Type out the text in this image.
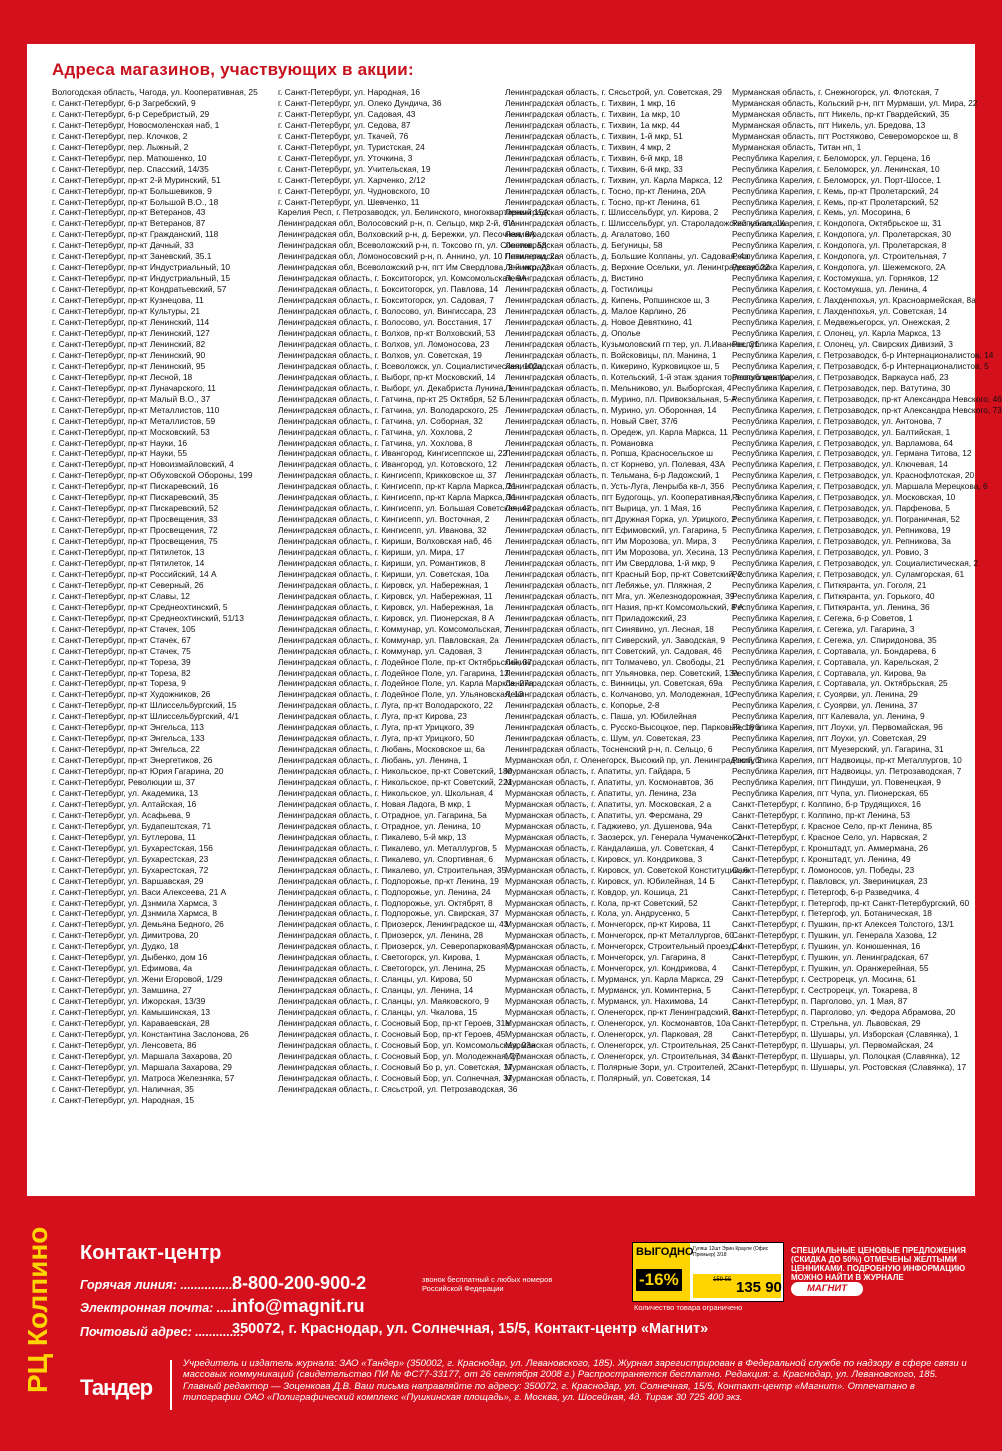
Адреса магазинов, участвующих в акции:
Вологодская область, Чагода, ул. Кооперативная, 25
г. Санкт-Петербург, 6-р Загребский, 9
г. Санкт-Петербург, 6-р Серебристый, 29
г. Санкт-Петербург, Новосмоленская наб, 1
г. Санкт-Петербург, пер. Клочков, 2
г. Санкт-Петербург, пер. Лыжный, 2
г. Санкт-Петербург, пер. Матюшенко, 10
г. Санкт-Петербург, пер. Спасский, 14/35
г. Санкт-Петербург, пр-кт 2-й Муринский, 51
г. Санкт-Петербург, пр-кт Большевиков, 9
г. Санкт-Петербург, пр-кт Большой В.О., 18
г. Санкт-Петербург, пр-кт Ветеранов, 43
г. Санкт-Петербург, пр-кт Ветеранов, 87
г. Санкт-Петербург, пр-кт Гражданский, 118
г. Санкт-Петербург, пр-кт Дачный, 33
г. Санкт-Петербург, пр-кт Заневский, 35.1
г. Санкт-Петербург, пр-кт Индустриальный, 10
г. Санкт-Петербург, пр-кт Индустриальный, 15
г. Санкт-Петербург, пр-кт Кондратьевский, 57
г. Санкт-Петербург, пр-кт Кузнецова, 11
г. Санкт-Петербург, пр-кт Культуры, 21
г. Санкт-Петербург, пр-кт Ленинский, 114
г. Санкт-Петербург, пр-кт Ленинский, 127
г. Санкт-Петербург, пр-кт Ленинский, 82
г. Санкт-Петербург, пр-кт Ленинский, 90
г. Санкт-Петербург, пр-кт Ленинский, 95
г. Санкт-Петербург, пр-кт Лесной, 18
г. Санкт-Петербург, пр-кт Луначарского, 11
г. Санкт-Петербург, пр-кт Малый В.О., 37
г. Санкт-Петербург, пр-кт Металлистов, 110
г. Санкт-Петербург, пр-кт Металлистов, 59
г. Санкт-Петербург, пр-кт Московский, 53
г. Санкт-Петербург, пр-кт Науки, 16
г. Санкт-Петербург, пр-кт Науки, 55
г. Санкт-Петербург, пр-кт Новоизмайловский, 4
г. Санкт-Петербург, пр-кт Обуховской Обороны, 199
г. Санкт-Петербург, пр-кт Пискаревский, 16
г. Санкт-Петербург, пр-кт Пискаревский, 35
г. Санкт-Петербург, пр-кт Пискаревский, 52
г. Санкт-Петербург, пр-кт Просвещения, 33
г. Санкт-Петербург, пр-кт Просвещения, 72
г. Санкт-Петербург, пр-кт Просвещения, 75
г. Санкт-Петербург, пр-кт Пятилеток, 13
г. Санкт-Петербург, пр-кт Пятилеток, 14
г. Санкт-Петербург, пр-кт Российский, 14 А
г. Санкт-Петербург, пр-кт Северный, 26
г. Санкт-Петербург, пр-кт Славы, 12
г. Санкт-Петербург, пр-кт Среднеохтинский, 5
г. Санкт-Петербург, пр-кт Среднеохтинский, 51/13
г. Санкт-Петербург, пр-кт Стачек, 105
г. Санкт-Петербург, пр-кт Стачек, 67
г. Санкт-Петербург, пр-кт Стачек, 75
г. Санкт-Петербург, пр-кт Тореза, 39
г. Санкт-Петербург, пр-кт Тореза, 82
г. Санкт-Петербург, пр-кт Тореза, 9
г. Санкт-Петербург, пр-кт Художников, 26
г. Санкт-Петербург, пр-кт Шлиссельбургский, 15
г. Санкт-Петербург, пр-кт Шлиссельбургский, 4/1
г. Санкт-Петербург, пр-кт Энгельса, 113
г. Санкт-Петербург, пр-кт Энгельса, 133
г. Санкт-Петербург, пр-кт Энгельса, 22
г. Санкт-Петербург, пр-кт Энергетиков, 26
г. Санкт-Петербург, пр-кт Юрия Гагарина, 20
г. Санкт-Петербург, Революции ш, 37
г. Санкт-Петербург, ул. Академика, 13
г. Санкт-Петербург, ул. Алтайская, 16
г. Санкт-Петербург, ул. Асафьева, 9
г. Санкт-Петербург, ул. Будапештская, 71
г. Санкт-Петербург, ул. Бутлерова, 11
г. Санкт-Петербург, ул. Бухарестская, 156
г. Санкт-Петербург, ул. Бухарестская, 23
г. Санкт-Петербург, ул. Бухарестская, 72
г. Санкт-Петербург, ул. Варшавская, 29
г. Санкт-Петербург, ул. Васи Алексеева, 21 А
г. Санкт-Петербург, ул. Дзнмила Хармса, 3
г. Санкт-Петербург, ул. Дзнмила Хармса, 8
г. Санкт-Петербург, ул. Демьяна Бедного, 26
г. Санкт-Петербург, ул. Димитрова, 20
г. Санкт-Петербург, ул. Дудко, 18
г. Санкт-Петербург, ул. Дыбенко, дом 16
г. Санкт-Петербург, ул. Ефимова, 4а
г. Санкт-Петербург, ул. Жени Егоровой, 1/29
г. Санкт-Петербург, ул. Замшина, 27
г. Санкт-Петербург, ул. Ижорская, 13/39
г. Санкт-Петербург, ул. Камышинская, 13
г. Санкт-Петербург, ул. Караваевская, 28
г. Санкт-Петербург, ул. Константина Заслонова, 26
г. Санкт-Петербург, ул. Ленсовета, 86
г. Санкт-Петербург, ул. Маршала Захарова, 20
г. Санкт-Петербург, ул. Маршала Захарова, 29
г. Санкт-Петербург, ул. Матроса Железняка, 57
г. Санкт-Петербург, ул. Наличная, 35
г. Санкт-Петербург, ул. Народная, 15
г. Санкт-Петербург, ул. Народная, 16
г. Санкт-Петербург, ул. Олеко Дундича, 36
г. Санкт-Петербург, ул. Садовая, 43
г. Санкт-Петербург, ул. Седова, 87
г. Санкт-Петербург, ул. Ткачей, 76
г. Санкт-Петербург, ул. Туристская, 24
г. Санкт-Петербург, ул. Уточкина, 3
г. Санкт-Петербург, ул. Учительская, 19
г. Санкт-Петербург, ул. Харченко, 2/12
г. Санкт-Петербург, ул. Чудновского, 10
г. Санкт-Петербург, ул. Шевченко, 11
Карелия Респ, г. Петрозаводск, ул. Белинского, многоквартирный 15А
Ленинградская обл, Волосовский р-н, п. Сельцо, мкр 2-й, 6 А
Ленинградская обл, Волховский р-н, д. Бережки, ул. Песочная, 8А
Ленинградская обл, Всеволожский р-н, п. Токсово гп, ул. Советов, 58
Ленинградская обл, Ломоносовский р-н, п. Аннино, ул. 10 Пятилетки, 2а
Ленинградская обл, Всеволожский р-н, пгт Им Свердлова, 2-й мкр, 23
Ленинградская область, г. Бокситогорск, ул. Комсомольская, 9А
Ленинградская область, г. Бокситогорск, ул. Павлова, 14
Ленинградская область, г. Бокситогорск, ул. Садовая, 7
Ленинградская область, г. Волосово, ул. Вингиссара, 23
Ленинградская область, г. Волосово, ул. Восстания, 17
Ленинградская область, г. Волхов, пр-кт Волховский, 53
Ленинградская область, г. Волхов, ул. Ломоносова, 23
Ленинградская область, г. Волхов, ул. Советская, 19
Ленинградская область, г. Всеволожск, ул. Социалистическая, 102а
Ленинградская область, г. Выборг, пр-кт Московский, 14
Ленинградская область, г. Выборг, ул. Декабриста Лунина, 1
Ленинградская область, г. Гатчина, пр-кт 25 Октября, 52 Б
Ленинградская область, г. Гатчина, ул. Володарского, 25
Ленинградская область, г. Гатчина, ул. Соборная, 32
Ленинградская область, г. Гатчина, ул. Хохлова, 2
Ленинградская область, г. Гатчина, ул. Хохлова, 8
Ленинградская область, г. Ивангород, Кингисеппское ш, 22
Ленинградская область, г. Ивангород, ул. Котовского, 12
Ленинградская область, г. Кингисепп, Крикковское ш, 37
Ленинградская область, г. Кингисепп, пр-кт Карла Маркса, 21
Ленинградская область, г. Кингисепп, пр-кт Карла Маркса, 31
Ленинградская область, г. Кингисепп, ул. Большая Советская, 42
Ленинградская область, г. Кингисепп, ул. Восточная, 2
Ленинградская область, г. Кингисепп, ул. Иванова, 32
Ленинградская область, г. Кириши, Волховская наб, 46
Ленинградская область, г. Кириши, ул. Мира, 17
Ленинградская область, г. Кириши, ул. Романтиков, 8
Ленинградская область, г. Кириши, ул. Советская, 10а
Ленинградская область, г. Кировск, ул. Набережная, 1
Ленинградская область, г. Кировск, ул. Набережная, 11
Ленинградская область, г. Кировск, ул. Набережная, 1а
Ленинградская область, г. Кировск, ул. Пионерская, 8 А
Ленинградская область, г. Коммунар, ул. Комсомольская, 7
Ленинградская область, г. Коммунар, ул. Павловская, 2а
Ленинградская область, г. Коммунар, ул. Садовая, 3
Ленинградская область, г. Лодейное Поле, пр-кт Октябрьский, 37
Ленинградская область, г. Лодейное Поле, ул. Гагарина, 13
Ленинградская область, г. Лодейное Поле, ул. Карла Маркса, 27а
Ленинградская область, г. Лодейное Поле, ул. Ульяновская, 13
Ленинградская область, г. Луга, пр-кт Володарского, 22
Ленинградская область, г. Луга, пр-кт Кирова, 23
Ленинградская область, г. Луга, пр-кт Урицкого, 39
Ленинградская область, г. Луга, пр-кт Урицкого, 50
Ленинградская область, г. Любань, Московское ш, 6а
Ленинградская область, г. Любань, ул. Ленина, 1
Ленинградская область, г. Никольское, пр-кт Советский, 180
Ленинградская область, г. Никольское, пр-кт Советский, 221
Ленинградская область, г. Никольское, ул. Школьная, 4
Ленинградская область, г. Новая Ладога, В мкр, 1
Ленинградская область, г. Отрадное, ул. Гагарина, 5а
Ленинградская область, г. Отрадное, ул. Ленина, 10
Ленинградская область, г. Пикалево, 5-й мкр, 13
Ленинградская область, г. Пикалево, ул. Металлургов, 5
Ленинградская область, г. Пикалево, ул. Спортивная, 6
Ленинградская область, г. Пикалево, ул. Строительная, 35
Ленинградская область, г. Подпорожье, пр-кт Ленина, 19
Ленинградская область, г. Подпорожье, ул. Ленина, 24
Ленинградская область, г. Подпорожье, ул. Октябрят, 8
Ленинградская область, г. Подпорожье, ул. Свирская, 37
Ленинградская область, г. Приозерск, Ленинградское ш, 43
Ленинградская область, г. Приозерск, ул. Ленина, 28
Ленинградская область, г. Приозерск, ул. Северопарковая, 3
Ленинградская область, г. Светогорск, ул. Кирова, 1
Ленинградская область, г. Светогорск, ул. Ленина, 25
Ленинградская область, г. Сланцы, ул. Кирова, 50
Ленинградская область, г. Сланцы, ул. Ленина, 14
Ленинградская область, г. Сланцы, ул. Маяковского, 9
Ленинградская область, г. Сланцы, ул. Чкалова, 15
Ленинградская область, г. Сосновый Бор, пр-кт Героев, 31а
Ленинградская область, г. Сосновый Бор, пр-кт Героев, 45
Ленинградская область, г. Сосновый Бор, ул. Комсомольская, 23а
Ленинградская область, г. Сосновый Бор, ул. Молодежная, 27
Ленинградская область, г. Сосновый Бо р, ул. Советская, 17
Ленинградская область, г. Сосновый Бор, ул. Солнечная, 37
Ленинградская область, г. Сясьстрой, ул. Петрозаводская, 36
Ленинградская область, г. Сясьстрой, ул. Советская, 29
Ленинградская область, г. Тихвин, 1 мкр, 16
Ленинградская область, г. Тихвин, 1а мкр, 10
Ленинградская область, г. Тихвин, 1а мкр, 44
Ленинградская область, г. Тихвин, 1-й мкр, 51
Ленинградская область, г. Тихвин, 4 мкр, 2
Ленинградская область, г. Тихвин, 6-й мкр, 18
Ленинградская область, г. Тихвин, 6-й мкр, 33
Ленинградская область, г. Тихвин, ул. Карла Маркса, 12
Ленинградская область, г. Тосно, пр-кт Ленина, 20А
Ленинградская область, г. Тосно, пр-кт Ленина, 61
Ленинградская область, г. Шлиссельбург, ул. Кирова, 2
Ленинградская область, г. Шлиссельбург, ул. Староладожский канал, 1а
Ленинградская область, д. Агалатово, 160
Ленинградская область, д. Бегуницы, 58
Ленинградская область, д. Большие Колпаны, ул. Садовая, 4а
Ленинградская область, д. Верхние Осельки, ул. Ленинградская, 22
Ленинградская область, д. Вистино
Ленинградская область, д. Гостилицы
Ленинградская область, д. Кипень, Ропшинское ш, 3
Ленинградская область, д. Малое Карлино, 26
Ленинградская область, д. Новое Девяткино, 41
Ленинградская область, д. Ополье
Ленинградская область, Кузьмоловский гп тер, ул. Л.Иванова, 21
Ленинградская область, п. Войсковицы, пл. Манина, 1
Ленинградская область, п. Кикерино, Курковицкое ш, 5
Ленинградская область, п. Котельский, 1-й этаж здания торгового центра
Ленинградская область, п. Мельниково, ул. Выборгская, 4
Ленинградская область, п. Мурино, пл. Привокзальная, 5-А
Ленинградская область, п. Мурино, ул. Оборонная, 14
Ленинградская область, п. Новый Свет, 37/6
Ленинградская область, п. Оредеж, ул. Карла Маркса, 11
Ленинградская область, п. Романовка
Ленинградская область, п. Ропша, Красносельское ш
Ленинградская область, п. ст Корнево, ул. Полевая, 43А
Ленинградская область, п. Тельмана, 6-р Ладожский, 1
Ленинградская область, п. Усть-Луга, Ленрыба кв-л, 356
Ленинградская область, пгт Будогощь, ул. Кооперативная, 3
Ленинградская область, пгт Вырица, ул. 1 Мая, 16
Ленинградская область, пгт Дружная Горка, ул. Урицкого, 2
Ленинградская область, пгт Ефимовский, ул. Гагарина, 5
Ленинградская область, пгт Им Морозова, ул. Мира, 3
Ленинградская область, пгт Им Морозова, ул. Хесина, 13
Ленинградская область, пгт Им Свердлова, 1-й мкр, 9
Ленинградская область, пгт Красный Бор, пр-кт Советский, 2
Ленинградская область, пгт Лебяжье, ул. Пляжная, 2
Ленинградская область, пгт Мга, ул. Железнодорожная, 39
Ленинградская область, пгт Назия, пр-кт Комсомольский, 8 А
Ленинградская область, пгт Приладожский, 23
Ленинградская область, пгт Синявино, ул. Лесная, 18
Ленинградская область, пгт Сиверский, ул. Заводская, 9
Ленинградская область, пгт Советский, ул. Садовая, 46
Ленинградская область, пгт Толмачево, ул. Свободы, 21
Ленинградская область, пгт Ульяновка, пер. Советский, 13а
Ленинградская область, с. Винницы, ул. Советская, 69а
Ленинградская область, с. Колчаново, ул. Молодежная, 10
Ленинградская область, с. Копорье, 2-8
Ленинградская область, с. Паша, ул. Юбилейная
Ленинградская область, с. Русско-Высоцкое, пер. Парковый, 18 а
Ленинградская область, с. Шум, ул. Советская, 23
Ленинградская область, Тосненский р-н, п. Сельцо, 6
Мурманская обл, г. Оленегорск, Высокий пр, ул. Ленинградский, 2
Мурманская область, г. Апатиты, ул. Гайдара, 5
Мурманская область, г. Апатиты, ул. Космонавтов, 36
Мурманская область, г. Апатиты, ул. Ленина, 23а
Мурманская область, г. Апатиты, ул. Московская, 2 а
Мурманская область, г. Апатиты, ул. Ферсмана, 29
Мурманская область, г. Гаджиево, ул. Душенова, 94а
Мурманская область, г. Заозерск, ул. Генерала Чумаченко, 2
Мурманская область, г. Кандалакша, ул. Советская, 4
Мурманская область, г. Кировск, ул. Кондрикова, 3
Мурманская область, г. Кировск, ул. Советской Конституции, 6
Мурманская область, г. Кировск, ул. Юбилейная, 14 Б
Мурманская область, г. Ковдор, ул. Кошица, 21
Мурманская область, г. Кола, пр-кт Советский, 52
Мурманская область, г. Кола, ул. Андрусенко, 5
Мурманская область, г. Мончегорск, пр-кт Кирова, 11
Мурманская область, г. Мончегорск, пр-кт Металлургов, 60
Мурманская область, г. Мончегорск, Строительный проезд, 4
Мурманская область, г. Мончегорск, ул. Гагарина, 8
Мурманская область, г. Мончегорск, ул. Кондрикова, 4
Мурманская область, г. Мурманск, ул. Карла Маркса, 29
Мурманская область, г. Мурманск, ул. Коминтерна, 5
Мурманская область, г. Мурманск, ул. Нахимова, 14
Мурманская область, г. Оленегорск, пр-кт Ленинградский, 8а
Мурманская область, г. Оленегорск, ул. Космонавтов, 10а
Мурманская область, г. Оленегорск, ул. Парковая, 28
Мурманская область, г. Оленегорск, ул. Строительная, 25
Мурманская область, г. Оленегорск, ул. Строительная, 34 А
Мурманская область, г. Полярные Зори, ул. Строителей, 2
Мурманская область, г. Полярный, ул. Советская, 14
Мурманская область, г. Снежногорск, ул. Флотская, 7
Мурманская область, Кольский р-н, пгт Мурмаши, ул. Мира, 22
Мурманская область, пгт Никель, пр-кт Гвардейский, 35
Мурманская область, пгт Никель, ул. Бредова, 13
Мурманская область, пгт Ростяжово, Североморское ш, 8
Мурманская область, Титан нп, 1
Республика Карелия, г. Беломорск, ул. Герцена, 16
Республика Карелия, г. Беломорск, ул. Ленинская, 10
Республика Карелия, г. Беломорск, ул. Порт-Шоссе, 1
Республика Карелия, г. Кемь, пр-кт Пролетарский, 24
Республика Карелия, г. Кемь, пр-кт Пролетарский, 52
Республика Карелия, г. Кемь, ул. Мосорина, 6
Республика Карелия, г. Кондопога, Октябрьское ш, 31
Республика Карелия, г. Кондопога, ул. Пролетарская, 30
Республика Карелия, г. Кондопога, ул. Пролетарская, 8
Республика Карелия, г. Кондопога, ул. Строительная, 7
Республика Карелия, г. Кондопога, ул. Шежемского, 2А
Республика Карелия, г. Костомукша, ул. Горняков, 12
Республика Карелия, г. Костомукша, ул. Ленина, 4
Республика Карелия, г. Лахденпохья, ул. Красноармейская, 8а
Республика Карелия, г. Лахденпохья, ул. Советская, 14
Республика Карелия, г. Медвежьегорск, ул. Онежская, 2
Республика Карелия, г. Олонец, ул. Карла Маркса, 13
Республика Карелия, г. Олонец, ул. Свирских Дивизий, 3
Республика Карелия, г. Петрозаводск, б-р Интернационалистов, 14
Республика Карелия, г. Петрозаводск, б-р Интернационалистов, 5
Республика Карелия, г. Петрозаводск, Варкауса наб, 23
Республика Карелия, г. Петрозаводск, пер. Ватутина, 30
Республика Карелия, г. Петрозаводск, пр-кт Александра Невского, 46
Республика Карелия, г. Петрозаводск, пр-кт Александра Невского, 73
Республика Карелия, г. Петрозаводск, ул. Антонова, 7
Республика Карелия, г. Петрозаводск, ул. Балтийская, 1
Республика Карелия, г. Петрозаводск, ул. Варламова, 64
Республика Карелия, г. Петрозаводск, ул. Германа Титова, 12
Республика Карелия, г. Петрозаводск, ул. Ключевая, 14
Республика Карелия, г. Петрозаводск, ул. Краснофлотская, 20
Республика Карелия, г. Петрозаводск, ул. Маршала Мерецкова, 6
Республика Карелия, г. Петрозаводск, ул. Московская, 10
Республика Карелия, г. Петрозаводск, ул. Парфенова, 5
Республика Карелия, г. Петрозаводск, ул. Пограничная, 52
Республика Карелия, г. Петрозаводск, ул. Репникова, 19
Республика Карелия, г. Петрозаводск, ул. Репникова, За
Республика Карелия, г. Петрозаводск, ул. Ровио, 3
Республика Карелия, г. Петрозаводск, ул. Социалистическая, 2
Республика Карелия, г. Петрозаводск, ул. Суламгорская, 61
Республика Карелия, г. Питкяранта, ул. Гоголя, 21
Республика Карелия, г. Питкяранта, ул. Горького, 40
Республика Карелия, г. Питкяранта, ул. Ленина, 36
Республика Карелия, г. Сегежа, 6-р Советов, 1
Республика Карелия, г. Сегежа, ул. Гагарина, 3
Республика Карелия, г. Сегежа, ул. Спиридонова, 35
Республика Карелия, г. Сортавала, ул. Бондарева, 6
Республика Карелия, г. Сортавала, ул. Карельская, 2
Республика Карелия, г. Сортавала, ул. Кирова, 9а
Республика Карелия, г. Сортавала, ул. Октябрьская, 25
Республика Карелия, г. Суоярви, ул. Ленина, 29
Республика Карелия, г. Суоярви, ул. Ленина, 37
Республика Карелия, пгт Калевала, ул. Ленина, 9
Республика Карелия, пгт Лоухи, ул. Первомайская, 96
Республика Карелия, пгт Лоухи, ул. Советская, 29
Республика Карелия, пгт Муезерский, ул. Гагарина, 31
Республика Карелия, пгт Надвоицы, пр-кт Металлургов, 10
Республика Карелия, пгт Надвоицы, ул. Петрозаводская, 7
Республика Карелия, пгт Пиндуши, ул. Повенецкая, 9
Республика Карелия, пгт Чупа, ул. Пионерская, 65
Санкт-Петербург, г. Колпино, б-р Трудящихся, 16
Санкт-Петербург, г. Колпино, пр-кт Ленина, 53
Санкт-Петербург, г. Красное Село, пр-кт Ленина, 85
Санкт-Петербург, г. Красное Село, ул. Нарвская, 2
Санкт-Петербург, г. Кронштадт, ул. Аммермана, 26
Санкт-Петербург, г. Кронштадт, ул. Ленина, 49
Санкт-Петербург, г. Ломоносов, ул. Победы, 23
Санкт-Петербург, г. Павловск, ул. Звериницкая, 23
Санкт-Петербург, г. Петергоф, 6-р Разведчика, 4
Санкт-Петербург, г. Петергоф, пр-кт Санкт-Петербургский, 60
Санкт-Петербург, г. Петергоф, ул. Ботаническая, 18
Санкт-Петербург, г. Пушкин, пр-кт Алексея Толстого, 13/1
Санкт-Петербург, г. Пушкин, ул. Генерала Хазова, 12
Санкт-Петербург, г. Пушкин, ул. Конюшенная, 16
Санкт-Петербург, г. Пушкин, ул. Ленинградская, 67
Санкт-Петербург, г. Пушкин, ул. Оранжерейная, 55
Санкт-Петербург, г. Сестрорецк, ул. Мосина, 61
Санкт-Петербург, г. Сестрорецк, ул. Токарева, 8
Санкт-Петербург, п. Парголово, ул. 1 Мая, 87
Санкт-Петербург, п. Парголово, ул. Федора Абрамова, 20
Санкт-Петербург, п. Стрельна, ул. Львовская, 29
Санкт-Петербург, п. Шушары, ул. Изборская (Славянка), 1
Санкт-Петербург, п. Шушары, ул. Первомайская, 24
Санкт-Петербург, п. Шушары, ул. Полоцкая (Славянка), 12
Санкт-Петербург, п. Шушары, ул. Ростовская (Славянка), 17
РЦ Колпино Контакт-центр
Горячая линия: .................
8-800-200-900-2	звонок бесплатный с любых номеров Российской Федерации
Электронная почта: ......
info@magnit.ru
Почтовый адрес: ..............
350072, г. Краснодар, ул. Солнечная, 15/5, Контакт-центр «Магнит»
ВЫГОДНО
-16%
Гуляш 12шт Эрин Крауле (Офис Премьер) 3/18
159 55 135 90
Количество товара ограничено
СПЕЦИАЛЬНЫЕ ЦЕНОВЫЕ ПРЕДЛОЖЕНИЯ (СКИДКА ДО 50%) ОТМЕЧЕНЫ ЖЕЛТЫМИ ЦЕННИКАМИ. ПОДРОБНУЮ ИНФОРМАЦИЮ МОЖНО НАЙТИ В ЖУРНАЛЕ
МАГНИТ
Тандер
Учредитель и издатель журнала: ЗАО «Тандер» (350002, г. Краснодар, ул. Левановского, 185). Журнал зарегистрирован в Федеральной службе по надзору в сфере связи и массовых коммуникаций (свидетельство ПИ № ФС77-33177, от 26 сентября 2008 г.) Распространяется бесплатно. Редакция: г. Краснодар, ул. Левановского, 185. Главный редактор — Зоценкова Д.В. Ваш письма направляйте по адресу: 350072, г. Краснодар, ул. Солнечная, 15/5, Контакт-центр «Магнит». Отпечатано в типографии ОАО «Полиграфический комплекс «Пушкинская площадь», г. Москва, ул. Шосейная, 4д. Тираж 30 725 400 экз.
